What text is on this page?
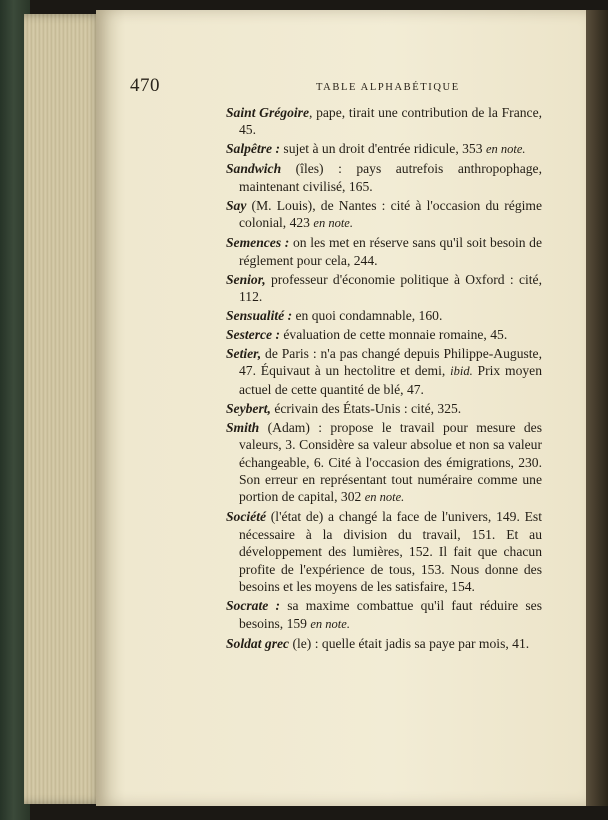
470	TABLE ALPHABÉTIQUE

Saint Grégoire, pape, tirait une contribution de la France, 45.

Salpêtre : sujet à un droit d'entrée ridicule, 353 en note.

Sandwich (îles) : pays autrefois anthropophage, maintenant civilisé, 165.

Say (M. Louis), de Nantes : cité à l'occasion du régime colonial, 423 en note.

Semences : on les met en réserve sans qu'il soit besoin de réglement pour cela, 244.

Senior, professeur d'économie politique à Oxford : cité, 112.

Sensualité : en quoi condamnable, 160.

Sesterce : évaluation de cette monnaie romaine, 45.

Setier, de Paris : n'a pas changé depuis Philippe-Auguste, 47. Équivaut à un hectolitre et demi, ibid. Prix moyen actuel de cette quantité de blé, 47.

Seybert, écrivain des États-Unis : cité, 325.

Smith (Adam) : propose le travail pour mesure des valeurs, 3. Considère sa valeur absolue et non sa valeur échangeable, 6. Cité à l'occasion des émigrations, 230. Son erreur en représentant tout numéraire comme une portion de capital, 302 en note.

Société (l'état de) a changé la face de l'univers, 149. Est nécessaire à la division du travail, 151. Et au développement des lumières, 152. Il fait que chacun profite de l'expérience de tous, 153. Nous donne des besoins et les moyens de les satisfaire, 154.

Socrate : sa maxime combattue qu'il faut réduire ses besoins, 159 en note.

Soldat grec (le) : quelle était jadis sa paye par mois, 41.
